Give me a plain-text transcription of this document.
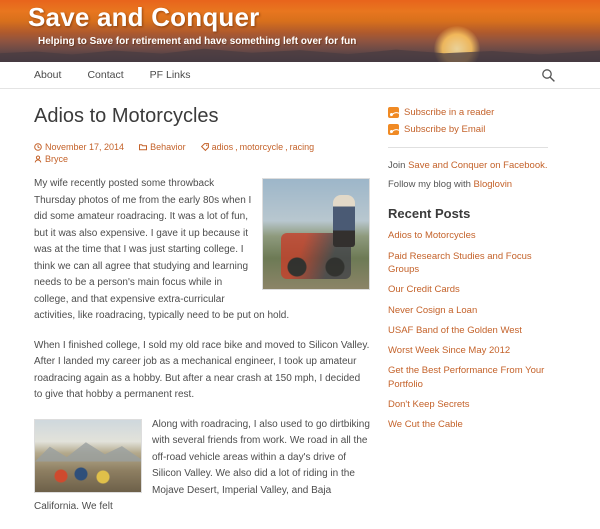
Save and Conquer
Helping to Save for retirement and have something left over for fun
About Contact PF Links
Adios to Motorcycles
November 17, 2014	Behavior	adios , motorcycle , racing
Bryce

My wife recently posted some throwback Thursday photos of me from the early 80s when I did some amateur roadracing. It was a lot of fun, but it was also expensive. I gave it up because it was at the time that I was just starting college. I think we can all agree that studying and learning needs to be a person's main focus while in college, and that expensive extra-curricular activities, like roadracing, typically need to be put on hold.

When I finished college, I sold my old race bike and moved to Silicon Valley. After I landed my career job as a mechanical engineer, I took up amateur roadracing again as a hobby. But after a near crash at 150 mph, I decided to give that hobby a permanent rest.

Along with roadracing, I also used to go dirtbiking with several friends from work. We road in all the off-road vehicle areas within a day's drive of Silicon Valley. We also did a lot of riding in the Mojave Desert, Imperial Valley, and Baja California. We felt

Subscribe in a reader
Subscribe by Email

Join Save and Conquer on Facebook.

Follow my blog with Bloglovin

Recent Posts
Adios to Motorcycles
Paid Research Studies and Focus Groups
Our Credit Cards
Never Cosign a Loan
USAF Band of the Golden West
Worst Week Since May 2012
Get the Best Performance From Your Portfolio
Don't Keep Secrets
We Cut the Cable
